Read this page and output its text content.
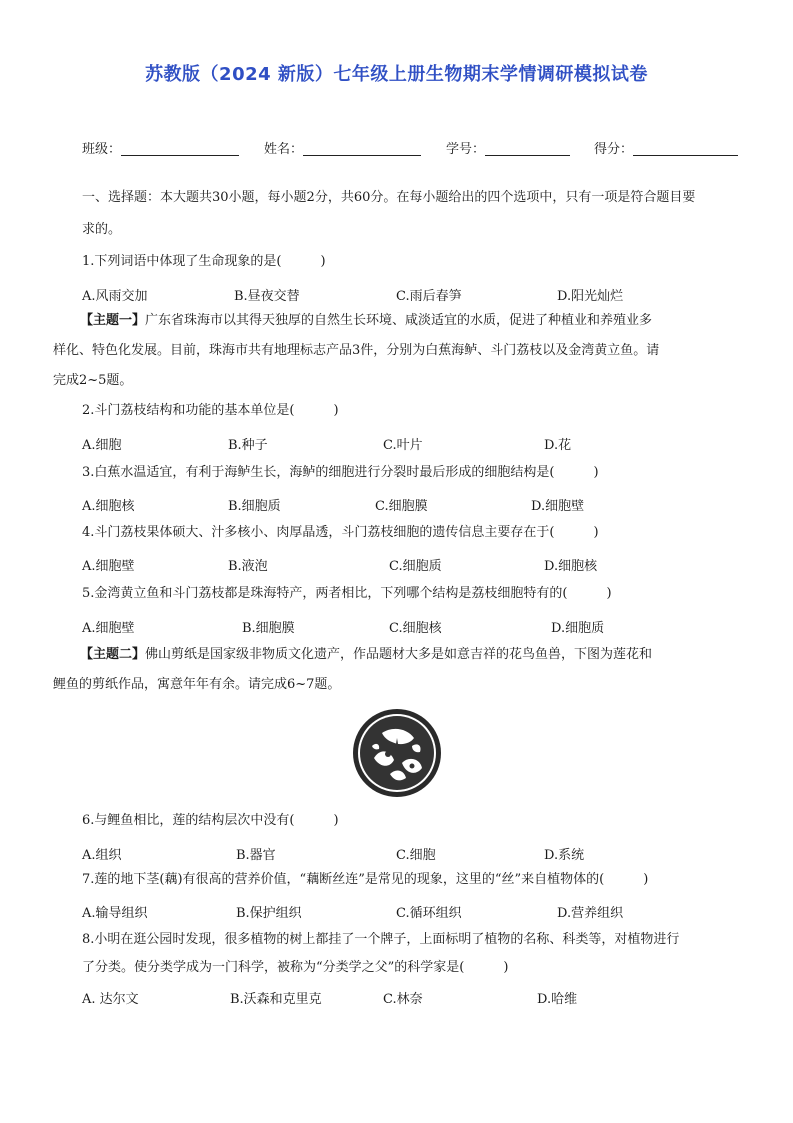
苏教版（2024 新版）七年级上册生物期末学情调研模拟试卷
班级：	姓名：	学号：	得分：
一、选择题：本大题共30小题，每小题2分，共60分。在每小题给出的四个选项中，只有一项是符合题目要
求的。
1.下列词语中体现了生命现象的是(　　　)
A.风雨交加	B.昼夜交替	C.雨后春笋	D.阳光灿烂
【主题一】广东省珠海市以其得天独厚的自然生长环境、咸淡适宜的水质，促进了种植业和养殖业多
样化、特色化发展。目前，珠海市共有地理标志产品3件，分别为白蕉海鲈、斗门荔枝以及金湾黄立鱼。请
完成2~5题。
2.斗门荔枝结构和功能的基本单位是(　　　)
A.细胞	B.种子	C.叶片	D.花
3.白蕉水温适宜，有利于海鲈生长，海鲈的细胞进行分裂时最后形成的细胞结构是(　　　)
A.细胞核	B.细胞质	C.细胞膜	D.细胞壁
4.斗门荔枝果体硕大、汁多核小、肉厚晶透，斗门荔枝细胞的遗传信息主要存在于(　　　)
A.细胞壁	B.液泡	C.细胞质	D.细胞核
5.金湾黄立鱼和斗门荔枝都是珠海特产，两者相比，下列哪个结构是荔枝细胞特有的(　　　)
A.细胞壁	B.细胞膜	C.细胞核	D.细胞质
【主题二】佛山剪纸是国家级非物质文化遗产，作品题材大多是如意吉祥的花鸟鱼兽，下图为莲花和
鲤鱼的剪纸作品，寓意年年有余。请完成6~7题。
6.与鲤鱼相比，莲的结构层次中没有(　　　)
A.组织	B.器官	C.细胞	D.系统
7.莲的地下茎(藕)有很高的营养价值，“藕断丝连”是常见的现象，这里的“丝”来自植物体的(　　　)
A.输导组织	B.保护组织	C.循环组织	D.营养组织
8.小明在逛公园时发现，很多植物的树上都挂了一个牌子，上面标明了植物的名称、科类等，对植物进行
了分类。使分类学成为一门科学，被称为“分类学之父”的科学家是(　　　)
A. 达尔文	B.沃森和克里克	C.林奈	D.哈维
